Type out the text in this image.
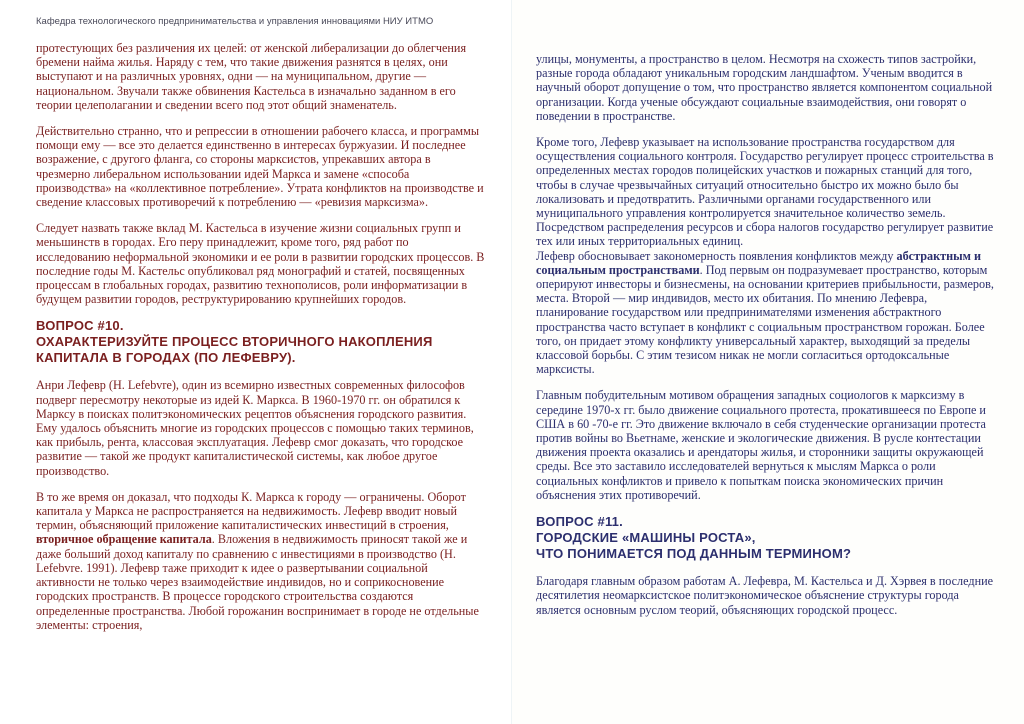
Кафедра технологического предпринимательства и управления инновациями НИУ ИТМО

протестующих без различения их целей: от женской либерализации до облегчения бремени найма жилья. Наряду с тем, что такие движения разнятся в целях, они выступают и на различных уровнях, одни — на муниципальном, другие — национальном. Звучали также обвинения Кастельса в изначально заданном в его теории целеполагании и сведении всего под этот общий знаменатель.

Действительно странно, что и репрессии в отношении рабочего класса, и программы помощи ему — все это делается единственно в интересах буржуазии. И последнее возражение, с другого фланга, со стороны марксистов, упрекавших автора в чрезмерно либеральном использовании идей Маркса и замене «способа производства» на «коллективное потребление». Утрата конфликтов на производстве и сведение классовых противоречий к потреблению — «ревизия марксизма».

Следует назвать также вклад М. Кастельса в изучение жизни социальных групп и меньшинств в городах. Его перу принадлежит, кроме того, ряд работ по исследованию неформальной экономики и ее роли в развитии городских процессов. В последние годы М. Кастельс опубликовал ряд монографий и статей, посвященных процессам в глобальных городах, развитию технополисов, роли информатизации в будущем развитии городов, реструктурированию крупнейших городов.

ВОПРОС #10.
ОХАРАКТЕРИЗУЙТЕ ПРОЦЕСС ВТОРИЧНОГО НАКОПЛЕНИЯ КАПИТАЛА В ГОРОДАХ (ПО ЛЕФЕВРУ).

Анри Лефевр (H. Lefebvre), один из всемирно известных современных философов подверг пересмотру некоторые из идей К. Маркса. В 1960-1970 гг. он обратился к Марксу в поисках политэкономических рецептов объяснения городского развития. Ему удалось объяснить многие из городских процессов с помощью таких терминов, как прибыль, рента, классовая эксплуатация. Лефевр смог доказать, что городское развитие — такой же продукт капиталистической системы, как любое другое производство.

В то же время он доказал, что подходы К. Маркса к городу — ограничены. Оборот капитала у Маркса не распространяется на недвижимость. Лефевр вводит новый термин, объясняющий приложение капиталистических инвестиций в строения, вторичное обращение капитала. Вложения в недвижимость приносят такой же и даже больший доход капиталу по сравнению с инвестициями в производство (H. Lefebvre. 1991). Лефевр таже приходит к идее о развертывании социальной активности не только через взаимодействие индивидов, но и соприкосновение городских пространств. В процессе городского строительства создаются определенные пространства. Любой горожанин воспринимает в городе не отдельные элементы: строения,

улицы, монументы, а пространство в целом. Несмотря на схожесть типов застройки, разные города обладают уникальным городским ландшафтом. Ученым вводится в научный оборот допущение о том, что пространство является компонентом социальной организации. Когда ученые обсуждают социальные взаимодействия, они говорят о поведении в пространстве.

Кроме того, Лефевр указывает на использование пространства государством для осуществления социального контроля. Государство регулирует процесс строительства в определенных местах городов полицейских участков и пожарных станций для того, чтобы в случае чрезвычайных ситуаций относительно быстро их можно было бы локализовать и предотвратить. Различными органами государственного или муниципального управления контролируется значительное количество земель. Посредством распределения ресурсов и сбора налогов государство регулирует развитие тех или иных территориальных единиц.

Лефевр обосновывает закономерность появления конфликтов между абстрактным и социальным пространствами. Под первым он подразумевает пространство, которым оперируют инвесторы и бизнесмены, на основании критериев прибыльности, размеров, места. Второй — мир индивидов, место их обитания. По мнению Лефевра, планирование государством или предпринимателями изменения абстрактного пространства часто вступает в конфликт с социальным пространством горожан. Более того, он придает этому конфликту универсальный характер, выходящий за пределы классовой борьбы. С этим тезисом никак не могли согласиться ортодоксальные марксисты.

Главным побудительным мотивом обращения западных социологов к марксизму в середине 1970-х гг. было движение социального протеста, прокатившееся по Европе и США в 60 -70-е гг. Это движение включало в себя студенческие организации протеста против войны во Вьетнаме, женские и экологические движения. В русле контестации движения проекта оказались и арендаторы жилья, и сторонники защиты окружающей среды. Все это заставило исследователей вернуться к мыслям Маркса о роли социальных конфликтов и привело к попыткам поиска экономических причин объяснения этих противоречий.

ВОПРОС #11.
ГОРОДСКИЕ «МАШИНЫ РОСТА»,
ЧТО ПОНИМАЕТСЯ ПОД ДАННЫМ ТЕРМИНОМ?

Благодаря главным образом работам А. Лефевра, М. Кастельса и Д. Хэрвея в последние десятилетия неомарксистское политэкономическое объяснение структуры города является основным руслом теорий, объясняющих городской процесс.
